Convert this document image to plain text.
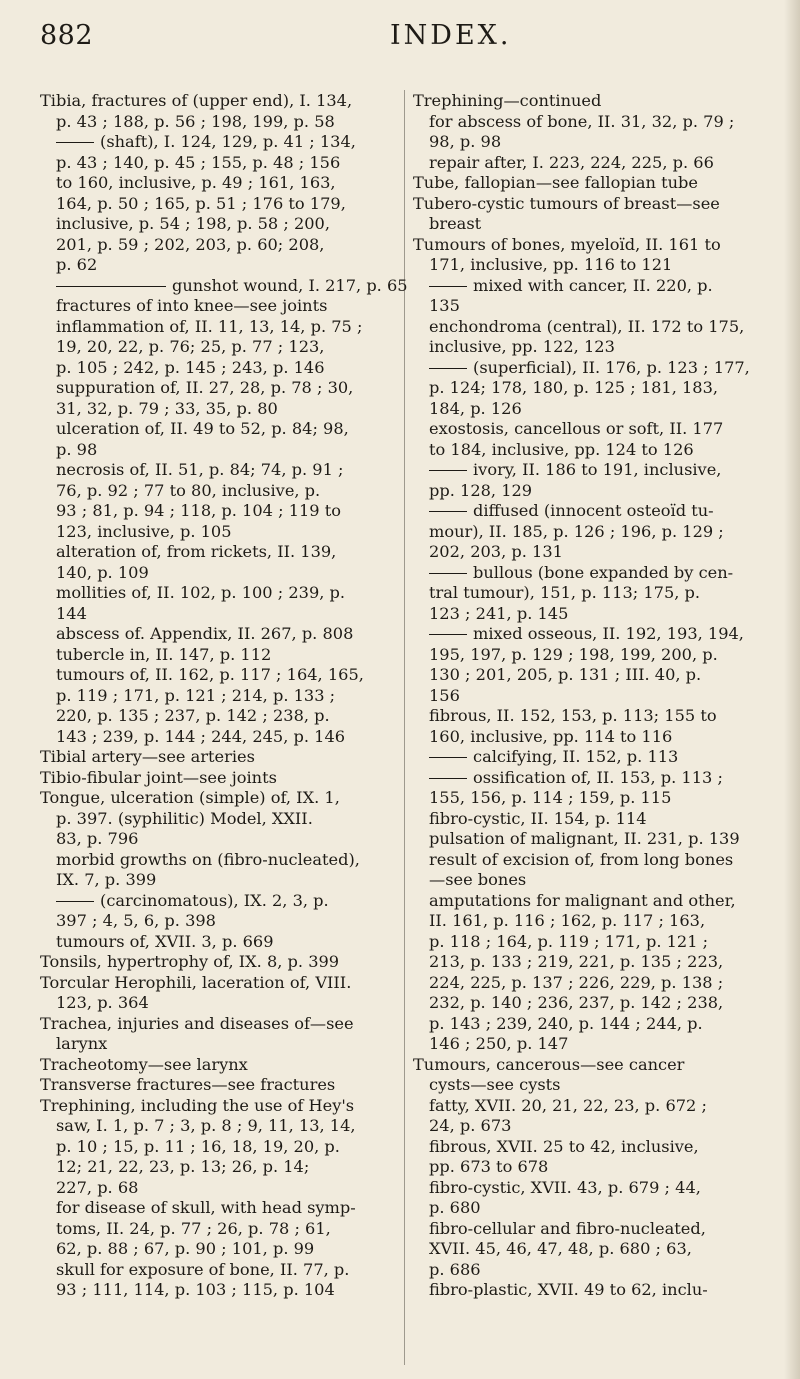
882	INDEX.
Tibia, fractures of (upper end), I. 134,
p. 43 ; 188, p. 56 ; 198, 199, p. 58
(shaft), I. 124, 129, p. 41 ; 134,
p. 43 ; 140, p. 45 ; 155, p. 48 ; 156
to 160, inclusive, p. 49 ; 161, 163,
164, p. 50 ; 165, p. 51 ; 176 to 179,
inclusive, p. 54 ; 198, p. 58 ; 200,
201, p. 59 ; 202, 203, p. 60; 208,
p. 62
gunshot wound, I. 217, p. 65
fractures of into knee—see joints
inflammation of, II. 11, 13, 14, p. 75 ;
19, 20, 22, p. 76; 25, p. 77 ; 123,
p. 105 ; 242, p. 145 ; 243, p. 146
suppuration of, II. 27, 28, p. 78 ; 30,
31, 32, p. 79 ; 33, 35, p. 80
ulceration of, II. 49 to 52, p. 84; 98,
p. 98
necrosis of, II. 51, p. 84; 74, p. 91 ;
76, p. 92 ; 77 to 80, inclusive, p.
93 ; 81, p. 94 ; 118, p. 104 ; 119 to
123, inclusive, p. 105
alteration of, from rickets, II. 139,
140, p. 109
mollities of, II. 102, p. 100 ; 239, p.
144
abscess of. Appendix, II. 267, p. 808
tubercle in, II. 147, p. 112
tumours of, II. 162, p. 117 ; 164, 165,
p. 119 ; 171, p. 121 ; 214, p. 133 ;
220, p. 135 ; 237, p. 142 ; 238, p.
143 ; 239, p. 144 ; 244, 245, p. 146
Tibial artery—see arteries
Tibio-fibular joint—see joints
Tongue, ulceration (simple) of, IX. 1,
p. 397. (syphilitic) Model, XXII.
83, p. 796
morbid growths on (fibro-nucleated),
IX. 7, p. 399
(carcinomatous), IX. 2, 3, p.
397 ; 4, 5, 6, p. 398
tumours of, XVII. 3, p. 669
Tonsils, hypertrophy of, IX. 8, p. 399
Torcular Herophili, laceration of, VIII.
123, p. 364
Trachea, injuries and diseases of—see
larynx
Tracheotomy—see larynx
Transverse fractures—see fractures
Trephining, including the use of Hey's
saw, I. 1, p. 7 ; 3, p. 8 ; 9, 11, 13, 14,
p. 10 ; 15, p. 11 ; 16, 18, 19, 20, p.
12; 21, 22, 23, p. 13; 26, p. 14;
227, p. 68
for disease of skull, with head symp-
toms, II. 24, p. 77 ; 26, p. 78 ; 61,
62, p. 88 ; 67, p. 90 ; 101, p. 99
skull for exposure of bone, II. 77, p.
93 ; 111, 114, p. 103 ; 115, p. 104
Trephining—continued
for abscess of bone, II. 31, 32, p. 79 ;
98, p. 98
repair after, I. 223, 224, 225, p. 66
Tube, fallopian—see fallopian tube
Tubero-cystic tumours of breast—see
breast
Tumours of bones, myeloïd, II. 161 to
171, inclusive, pp. 116 to 121
mixed with cancer, II. 220, p.
135
enchondroma (central), II. 172 to 175,
inclusive, pp. 122, 123
(superficial), II. 176, p. 123 ; 177,
p. 124; 178, 180, p. 125 ; 181, 183,
184, p. 126
exostosis, cancellous or soft, II. 177
to 184, inclusive, pp. 124 to 126
ivory, II. 186 to 191, inclusive,
pp. 128, 129
diffused (innocent osteoïd tu-
mour), II. 185, p. 126 ; 196, p. 129 ;
202, 203, p. 131
bullous (bone expanded by cen-
tral tumour), 151, p. 113; 175, p.
123 ; 241, p. 145
mixed osseous, II. 192, 193, 194,
195, 197, p. 129 ; 198, 199, 200, p.
130 ; 201, 205, p. 131 ; III. 40, p.
156
fibrous, II. 152, 153, p. 113; 155 to
160, inclusive, pp. 114 to 116
calcifying, II. 152, p. 113
ossification of, II. 153, p. 113 ;
155, 156, p. 114 ; 159, p. 115
fibro-cystic, II. 154, p. 114
pulsation of malignant, II. 231, p. 139
result of excision of, from long bones
—see bones
amputations for malignant and other,
II. 161, p. 116 ; 162, p. 117 ; 163,
p. 118 ; 164, p. 119 ; 171, p. 121 ;
213, p. 133 ; 219, 221, p. 135 ; 223,
224, 225, p. 137 ; 226, 229, p. 138 ;
232, p. 140 ; 236, 237, p. 142 ; 238,
p. 143 ; 239, 240, p. 144 ; 244, p.
146 ; 250, p. 147
Tumours, cancerous—see cancer
cysts—see cysts
fatty, XVII. 20, 21, 22, 23, p. 672 ;
24, p. 673
fibrous, XVII. 25 to 42, inclusive,
pp. 673 to 678
fibro-cystic, XVII. 43, p. 679 ; 44,
p. 680
fibro-cellular and fibro-nucleated,
XVII. 45, 46, 47, 48, p. 680 ; 63,
p. 686
fibro-plastic, XVII. 49 to 62, inclu-
